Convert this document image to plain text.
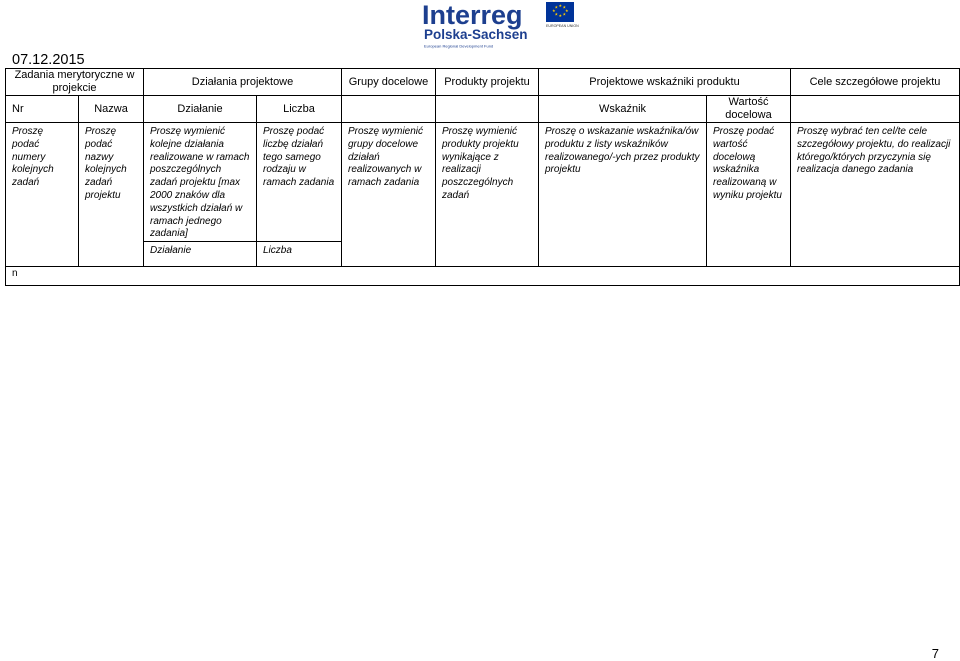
Interreg
Polska-Sachsen
European Regional Development Fund
★ ★
★
★
★
★
★
★
EUROPEAN UNION
07.12.2015
Zadania merytoryczne w projekcie		Działania projektowe		Grupy docelowe	Produkty projektu	Projektowe wskaźniki produktu		Cele szczegółowe projektu
Nr	Nazwa	Działanie	Liczba			Wskaźnik	Wartość docelowa	
Proszę podać numery kolejnych zadań	Proszę podać nazwy kolejnych zadań projektu	Proszę wymienić kolejne działania realizowane w ramach poszczególnych zadań projektu [max 2000 znaków dla wszystkich działań w ramach jednego zadania]	Proszę podać liczbę działań tego samego rodzaju w ramach zadania	Proszę wymienić grupy docelowe działań realizowanych w ramach zadania	Proszę wymienić produkty projektu wynikające z realizacji poszczególnych zadań	Proszę o wskazanie wskaźnika/ów produktu z listy wskaźników realizowanego/-ych przez produkty projektu	Proszę podać wartość docelową wskaźnika realizowaną w wyniku projektu	Proszę wybrać ten cel/te cele szczegółowy projektu, do realizacji którego/których przyczynia się realizacja danego zadania
		Działanie	Liczba					
n								
7
